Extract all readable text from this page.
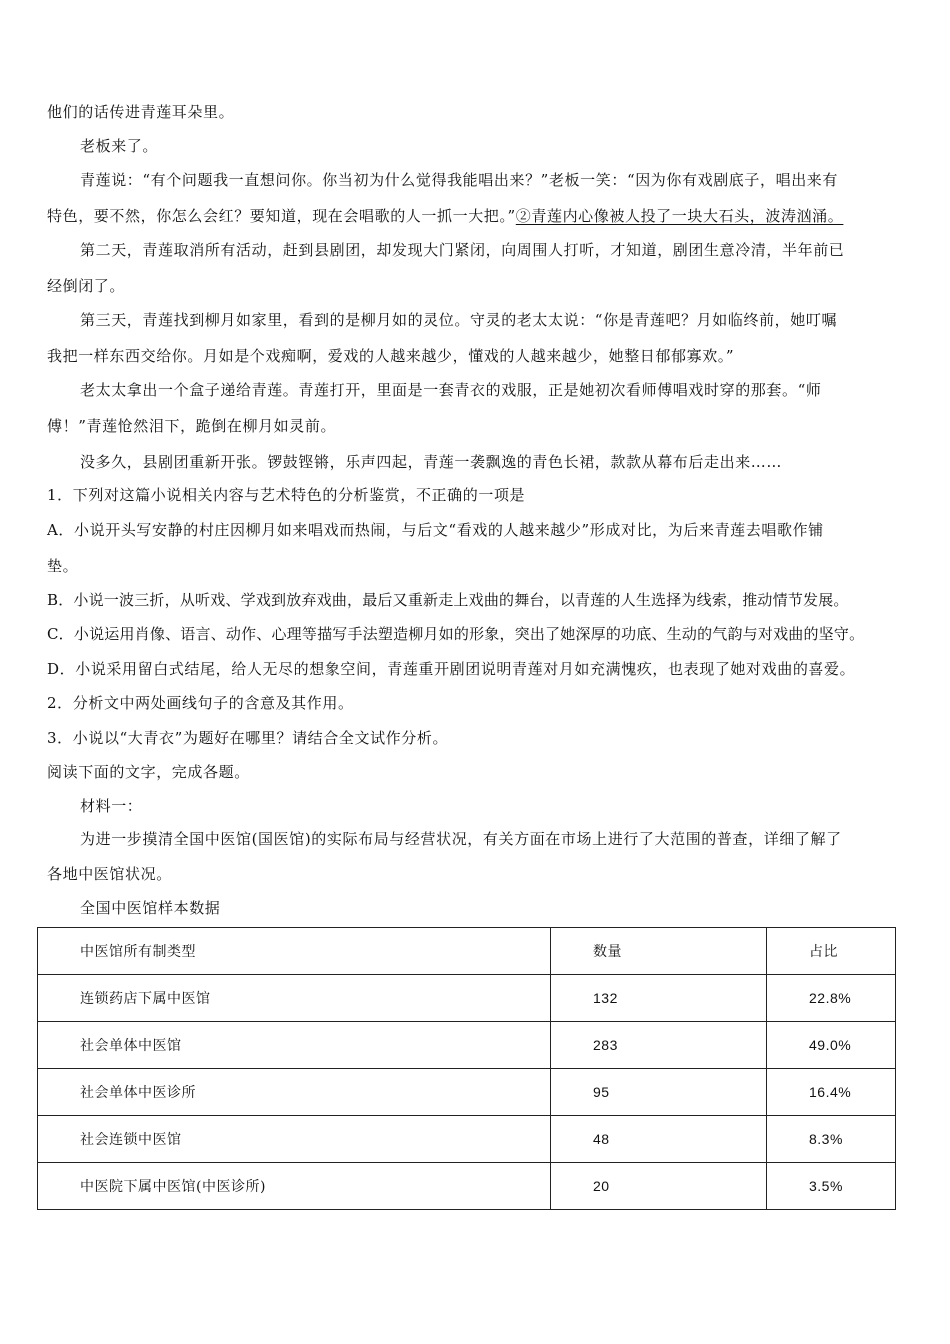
他们的话传进青莲耳朵里。
老板来了。
青莲说：“有个问题我一直想问你。你当初为什么觉得我能唱出来？”老板一笑：“因为你有戏剧底子，唱出来有
特色，要不然，你怎么会红？要知道，现在会唱歌的人一抓一大把。”②青莲内心像被人投了一块大石头，波涛汹涌。
第二天，青莲取消所有活动，赶到县剧团，却发现大门紧闭，向周围人打听，才知道，剧团生意冷清，半年前已
经倒闭了。
第三天，青莲找到柳月如家里，看到的是柳月如的灵位。守灵的老太太说：“你是青莲吧？月如临终前，她叮嘱
我把一样东西交给你。月如是个戏痴啊，爱戏的人越来越少，懂戏的人越来越少，她整日郁郁寡欢。”
老太太拿出一个盒子递给青莲。青莲打开，里面是一套青衣的戏服，正是她初次看师傅唱戏时穿的那套。“师
傅！”青莲怆然泪下，跪倒在柳月如灵前。
没多久，县剧团重新开张。锣鼓铿锵，乐声四起，青莲一袭飘逸的青色长裙，款款从幕布后走出来……
1．下列对这篇小说相关内容与艺术特色的分析鉴赏，不正确的一项是
A．小说开头写安静的村庄因柳月如来唱戏而热闹，与后文“看戏的人越来越少”形成对比，为后来青莲去唱歌作铺
垫。
B．小说一波三折，从听戏、学戏到放弃戏曲，最后又重新走上戏曲的舞台，以青莲的人生选择为线索，推动情节发展。
C．小说运用肖像、语言、动作、心理等描写手法塑造柳月如的形象，突出了她深厚的功底、生动的气韵与对戏曲的坚守。
D．小说采用留白式结尾，给人无尽的想象空间，青莲重开剧团说明青莲对月如充满愧疚，也表现了她对戏曲的喜爱。
2．分析文中两处画线句子的含意及其作用。
3．小说以“大青衣”为题好在哪里？请结合全文试作分析。
阅读下面的文字，完成各题。
材料一：
为进一步摸清全国中医馆(国医馆)的实际布局与经营状况，有关方面在市场上进行了大范围的普查，详细了解了
各地中医馆状况。
全国中医馆样本数据
中医馆所有制类型	数量	占比
连锁药店下属中医馆	132	22.8%
社会单体中医馆	283	49.0%
社会单体中医诊所	95	16.4%
社会连锁中医馆	48	8.3%
中医院下属中医馆(中医诊所)	20	3.5%
